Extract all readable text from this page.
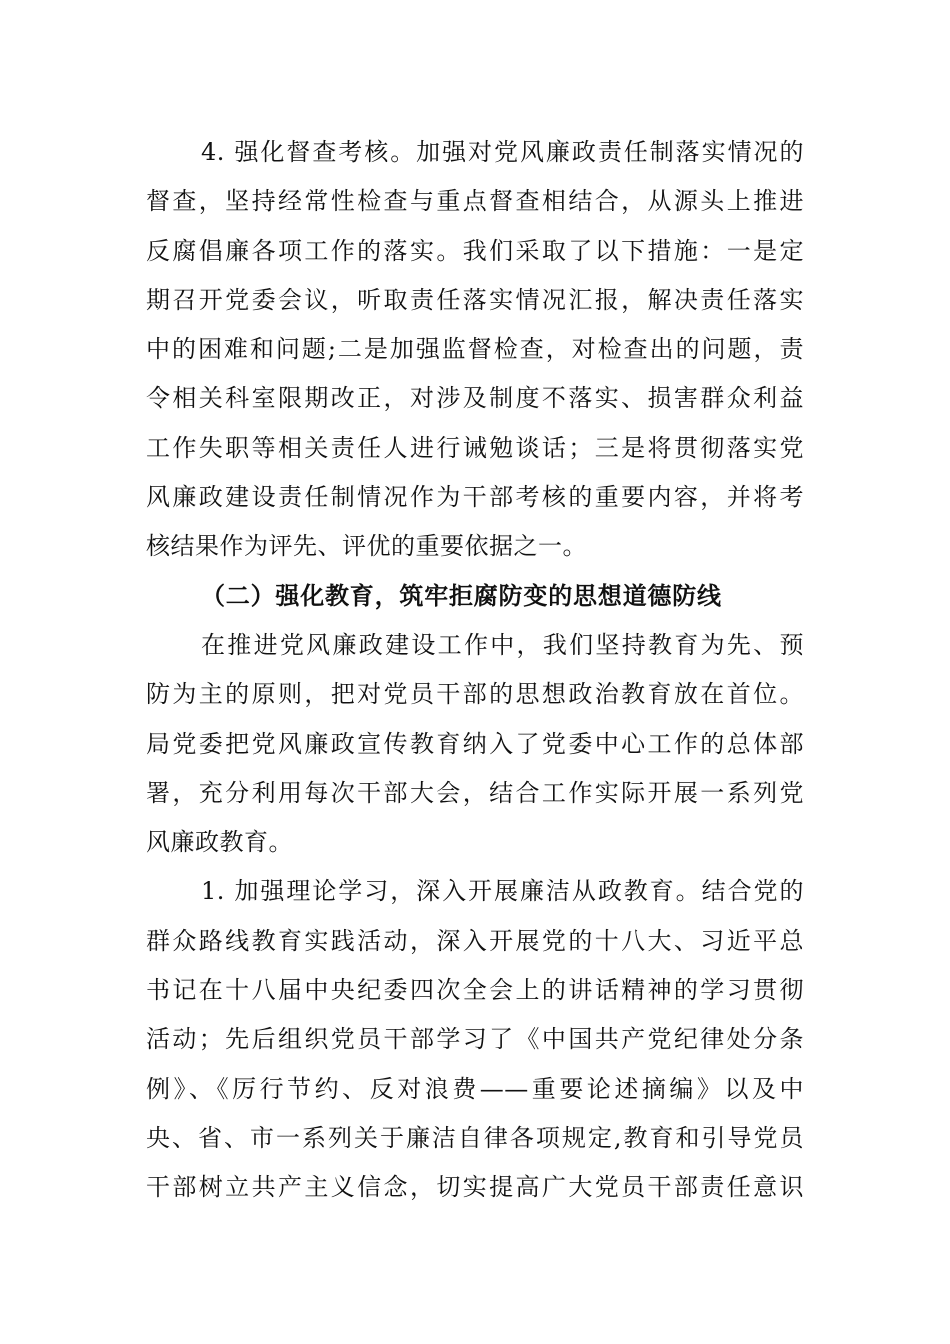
4. 强化督查考核。加强对党风廉政责任制落实情况的
督查，坚持经常性检查与重点督查相结合，从源头上推进
反腐倡廉各项工作的落实。我们采取了以下措施：一是定
期召开党委会议，听取责任落实情况汇报，解决责任落实
中的困难和问题;二是加强监督检查，对检查出的问题，责
令相关科室限期改正，对涉及制度不落实、损害群众利益
工作失职等相关责任人进行诫勉谈话；三是将贯彻落实党
风廉政建设责任制情况作为干部考核的重要内容，并将考
核结果作为评先、评优的重要依据之一。
（二）强化教育，筑牢拒腐防变的思想道德防线
在推进党风廉政建设工作中，我们坚持教育为先、预
防为主的原则，把对党员干部的思想政治教育放在首位。
局党委把党风廉政宣传教育纳入了党委中心工作的总体部
署，充分利用每次干部大会，结合工作实际开展一系列党
风廉政教育。
1. 加强理论学习，深入开展廉洁从政教育。结合党的
群众路线教育实践活动，深入开展党的十八大、习近平总
书记在十八届中央纪委四次全会上的讲话精神的学习贯彻
活动；先后组织党员干部学习了《中国共产党纪律处分条
例》、《厉行节约、反对浪费——重要论述摘编》以及中
央、省、市一系列关于廉洁自律各项规定,教育和引导党员
干部树立共产主义信念，切实提高广大党员干部责任意识
